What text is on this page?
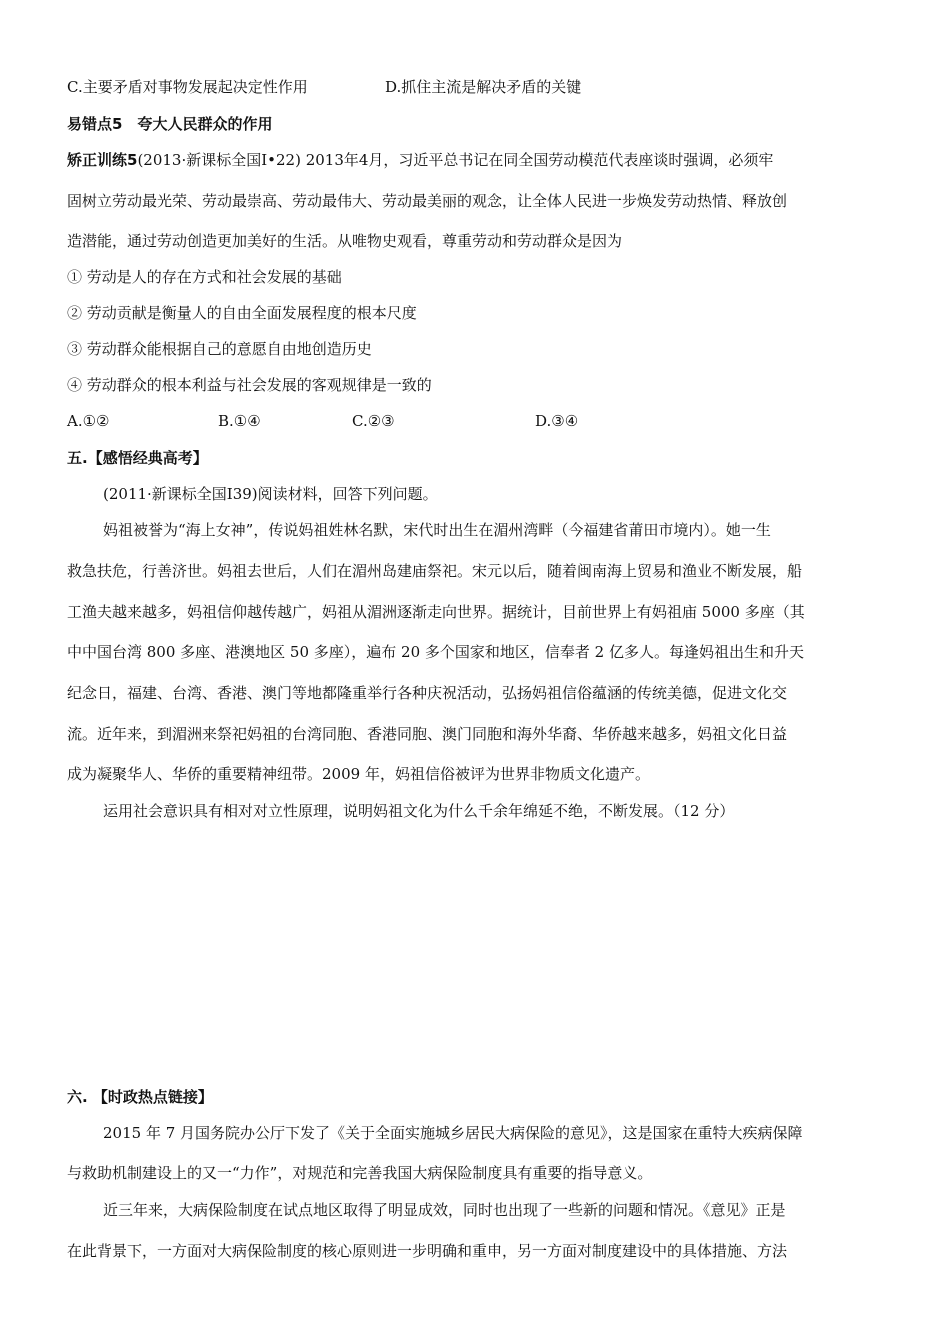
C.主要矛盾对事物发展起决定性作用	D.抓住主流是解决矛盾的关键
易错点5　夸大人民群众的作用
矫正训练5(2013·新课标全国Ⅰ•22) 2013年4月，习近平总书记在同全国劳动模范代表座谈时强调，必须牢
固树立劳动最光荣、劳动最崇高、劳动最伟大、劳动最美丽的观念，让全体人民进一步焕发劳动热情、释放创
造潜能，通过劳动创造更加美好的生活。从唯物史观看，尊重劳动和劳动群众是因为
① 劳动是人的存在方式和社会发展的基础
② 劳动贡献是衡量人的自由全面发展程度的根本尺度
③ 劳动群众能根据自己的意愿自由地创造历史
④ 劳动群众的根本利益与社会发展的客观规律是一致的
A.①②	B.①④	C.②③	D.③④
五.【感悟经典高考】
(2011·新课标全国I39)阅读材料，回答下列问题。
妈祖被誉为“海上女神”，传说妈祖姓林名默，宋代时出生在湄州湾畔（今福建省莆田市境内）。她一生
救急扶危，行善济世。妈祖去世后，人们在湄州岛建庙祭祀。宋元以后，随着闽南海上贸易和渔业不断发展，船
工渔夫越来越多，妈祖信仰越传越广，妈祖从湄洲逐渐走向世界。据统计，目前世界上有妈祖庙 5000 多座（其
中中国台湾 800 多座、港澳地区 50 多座），遍布 20 多个国家和地区，信奉者 2 亿多人。每逢妈祖出生和升天
纪念日，福建、台湾、香港、澳门等地都隆重举行各种庆祝活动，弘扬妈祖信俗蕴涵的传统美德，促进文化交
流。近年来，到湄洲来祭祀妈祖的台湾同胞、香港同胞、澳门同胞和海外华裔、华侨越来越多，妈祖文化日益
成为凝聚华人、华侨的重要精神纽带。2009 年，妈祖信俗被评为世界非物质文化遗产。
运用社会意识具有相对对立性原理，说明妈祖文化为什么千余年绵延不绝，不断发展。（12 分）
六. 【时政热点链接】
2015 年 7 月国务院办公厅下发了《关于全面实施城乡居民大病保险的意见》，这是国家在重特大疾病保障
与救助机制建设上的又一“力作”，对规范和完善我国大病保险制度具有重要的指导意义。
近三年来，大病保险制度在试点地区取得了明显成效，同时也出现了一些新的问题和情况。《意见》正是
在此背景下，一方面对大病保险制度的核心原则进一步明确和重申，另一方面对制度建设中的具体措施、方法
